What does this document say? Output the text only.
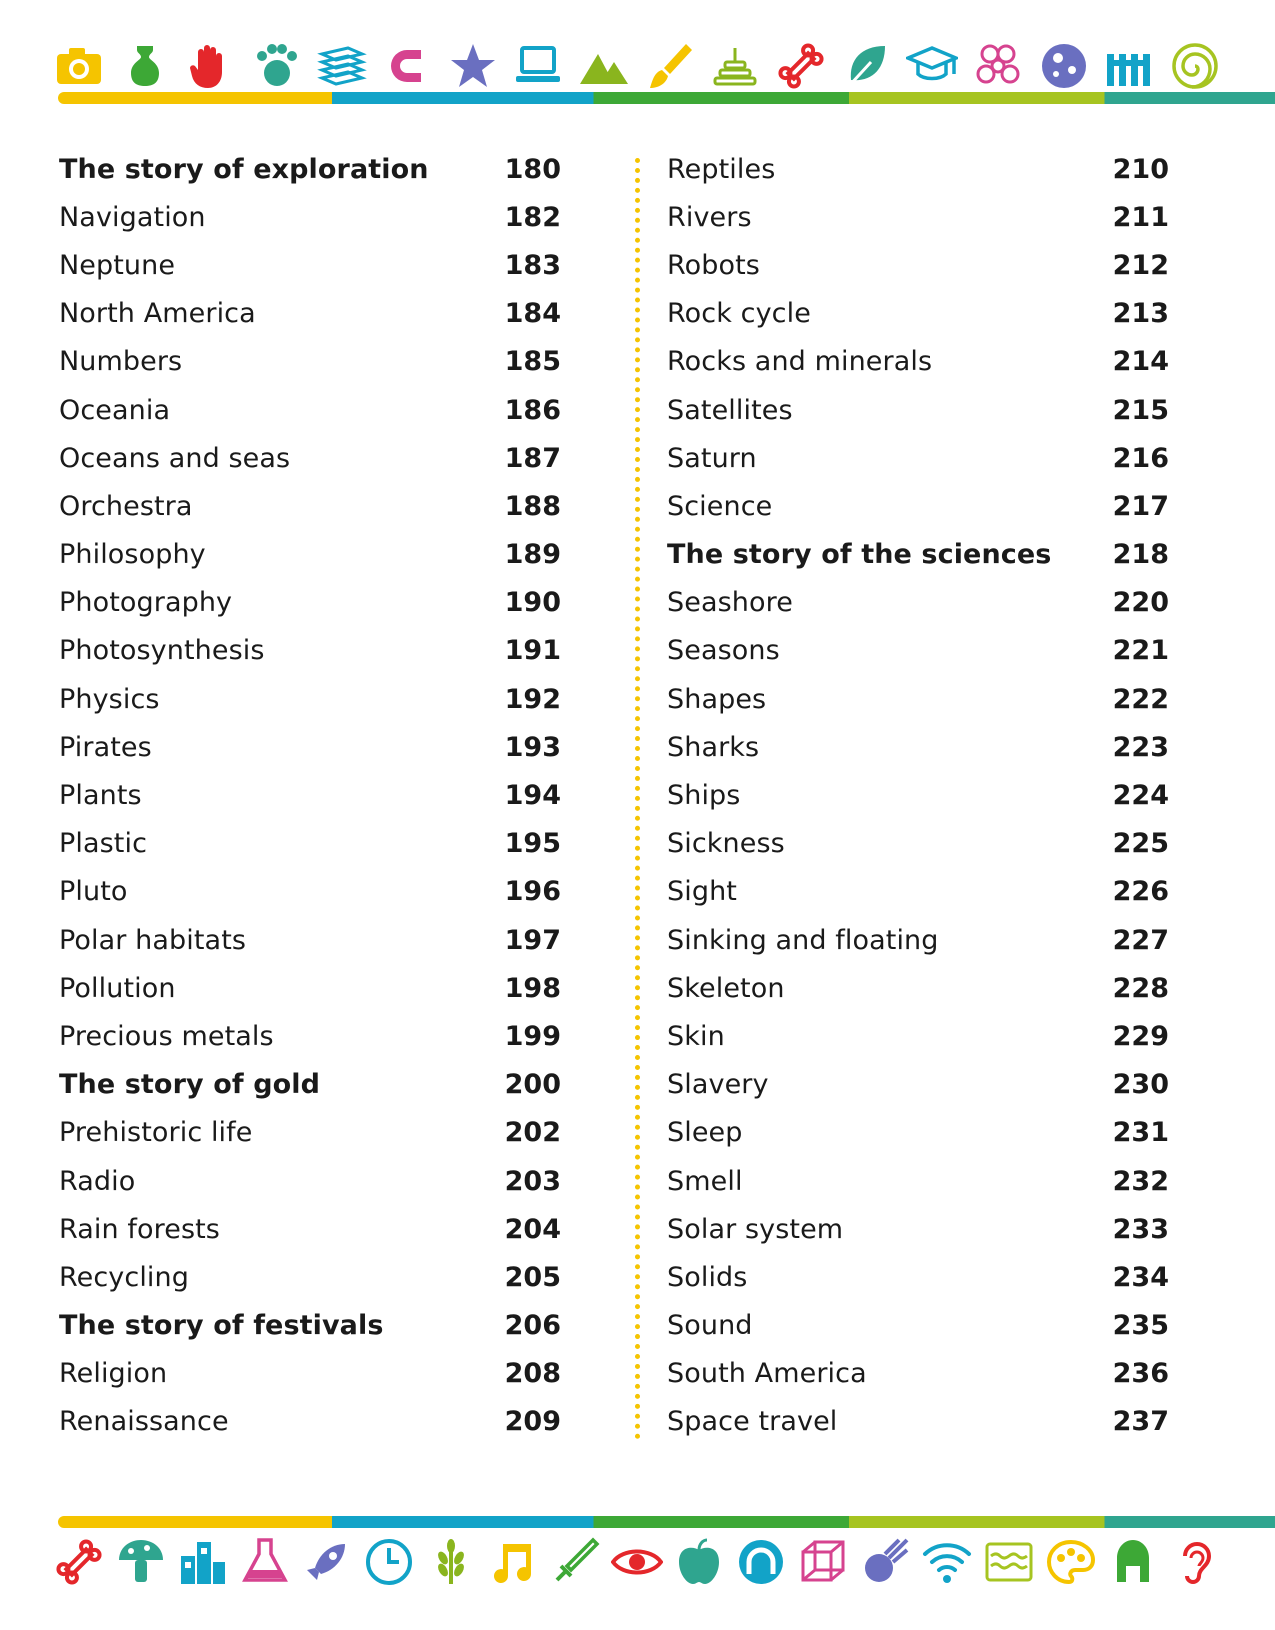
The story of exploration	180
Navigation	182
Neptune	183
North America	184
Numbers	185
Oceania	186
Oceans and seas	187
Orchestra	188
Philosophy	189
Photography	190
Photosynthesis	191
Physics	192
Pirates	193
Plants	194
Plastic	195
Pluto	196
Polar habitats	197
Pollution	198
Precious metals	199
The story of gold	200
Prehistoric life	202
Radio	203
Rain forests	204
Recycling	205
The story of festivals	206
Religion	208
Renaissance	209
Reptiles	210
Rivers	211
Robots	212
Rock cycle	213
Rocks and minerals	214
Satellites	215
Saturn	216
Science	217
The story of the sciences 218
Seashore	220
Seasons	221
Shapes	222
Sharks	223
Ships	224
Sickness	225
Sight	226
Sinking and floating	227
Skeleton	228
Skin	229
Slavery	230
Sleep	231
Smell	232
Solar system	233
Solids	234
Sound	235
South America	236
Space travel	237
